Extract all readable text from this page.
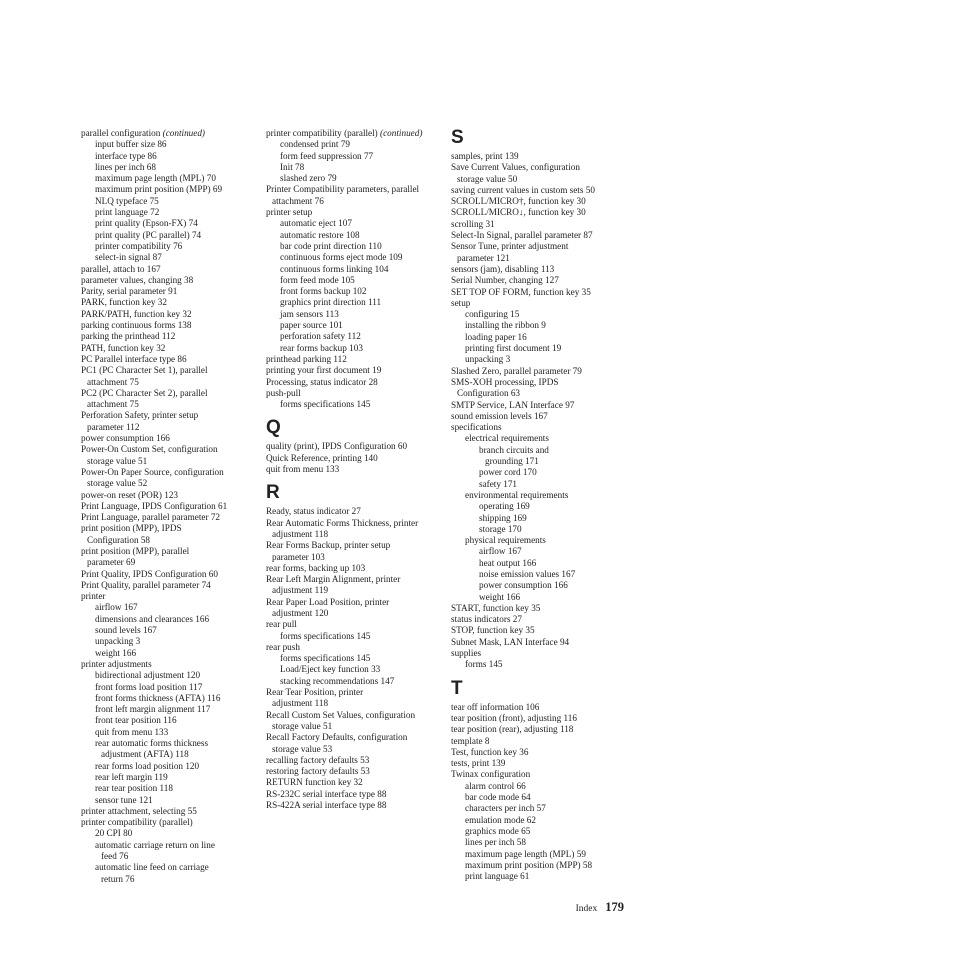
parallel configuration (continued)
input buffer size 86
interface type 86
lines per inch 68
maximum page length (MPL) 70
maximum print position (MPP) 69
NLQ typeface 75
print language 72
print quality (Epson-FX) 74
print quality (PC parallel) 74
printer compatibility 76
select-in signal 87
parallel, attach to 167
parameter values, changing 38
Parity, serial parameter 91
PARK, function key 32
PARK/PATH, function key 32
parking continuous forms 138
parking the printhead 112
PATH, function key 32
PC Parallel interface type 86
PC1 (PC Character Set 1), parallel
attachment 75
PC2 (PC Character Set 2), parallel
attachment 75
Perforation Safety, printer setup
parameter 112
power consumption 166
Power-On Custom Set, configuration
storage value 51
Power-On Paper Source, configuration
storage value 52
power-on reset (POR) 123
Print Language, IPDS Configuration 61
Print Language, parallel parameter 72
print position (MPP), IPDS
Configuration 58
print position (MPP), parallel
parameter 69
Print Quality, IPDS Configuration 60
Print Quality, parallel parameter 74
printer
airflow 167
dimensions and clearances 166
sound levels 167
unpacking 3
weight 166
printer adjustments
bidirectional adjustment 120
front forms load position 117
front forms thickness (AFTA) 116
front left margin alignment 117
front tear position 116
quit from menu 133
rear automatic forms thickness
adjustment (AFTA) 118
rear forms load position 120
rear left margin 119
rear tear position 118
sensor tune 121
printer attachment, selecting 55
printer compatibility (parallel)
20 CPI 80
automatic carriage return on line
feed 76
automatic line feed on carriage
return 76
printer compatibility (parallel) (continued)
condensed print 79
form feed suppression 77
Init 78
slashed zero 79
Printer Compatibility parameters, parallel
attachment 76
printer setup
automatic eject 107
automatic restore 108
bar code print direction 110
continuous forms eject mode 109
continuous forms linking 104
form feed mode 105
front forms backup 102
graphics print direction 111
jam sensors 113
paper source 101
perforation safety 112
rear forms backup 103
printhead parking 112
printing your first document 19
Processing, status indicator 28
push-pull
forms specifications 145
Q
quality (print), IPDS Configuration 60
Quick Reference, printing 140
quit from menu 133
R
Ready, status indicator 27
Rear Automatic Forms Thickness, printer
adjustment 118
Rear Forms Backup, printer setup
parameter 103
rear forms, backing up 103
Rear Left Margin Alignment, printer
adjustment 119
Rear Paper Load Position, printer
adjustment 120
rear pull
forms specifications 145
rear push
forms specifications 145
Load/Eject key function 33
stacking recommendations 147
Rear Tear Position, printer
adjustment 118
Recall Custom Set Values, configuration
storage value 51
Recall Factory Defaults, configuration
storage value 53
recalling factory defaults 53
restoring factory defaults 53
RETURN function key 32
RS-232C serial interface type 88
RS-422A serial interface type 88
S
samples, print 139
Save Current Values, configuration
storage value 50
saving current values in custom sets 50
SCROLL/MICRO†, function key 30
SCROLL/MICRO↓, function key 30
scrolling 31
Select-In Signal, parallel parameter 87
Sensor Tune, printer adjustment
parameter 121
sensors (jam), disabling 113
Serial Number, changing 127
SET TOP OF FORM, function key 35
setup
configuring 15
installing the ribbon 9
loading paper 16
printing first document 19
unpacking 3
Slashed Zero, parallel parameter 79
SMS-XOH processing, IPDS
Configuration 63
SMTP Service, LAN Interface 97
sound emission levels 167
specifications
electrical requirements
branch circuits and
grounding 171
power cord 170
safety 171
environmental requirements
operating 169
shipping 169
storage 170
physical requirements
airflow 167
heat output 166
noise emission values 167
power consumption 166
weight 166
START, function key 35
status indicators 27
STOP, function key 35
Subnet Mask, LAN Interface 94
supplies
forms 145
T
tear off information 106
tear position (front), adjusting 116
tear position (rear), adjusting 118
template 8
Test, function key 36
tests, print 139
Twinax configuration
alarm control 66
bar code mode 64
characters per inch 57
emulation mode 62
graphics mode 65
lines per inch 58
maximum page length (MPL) 59
maximum print position (MPP) 58
print language 61
Index 179
